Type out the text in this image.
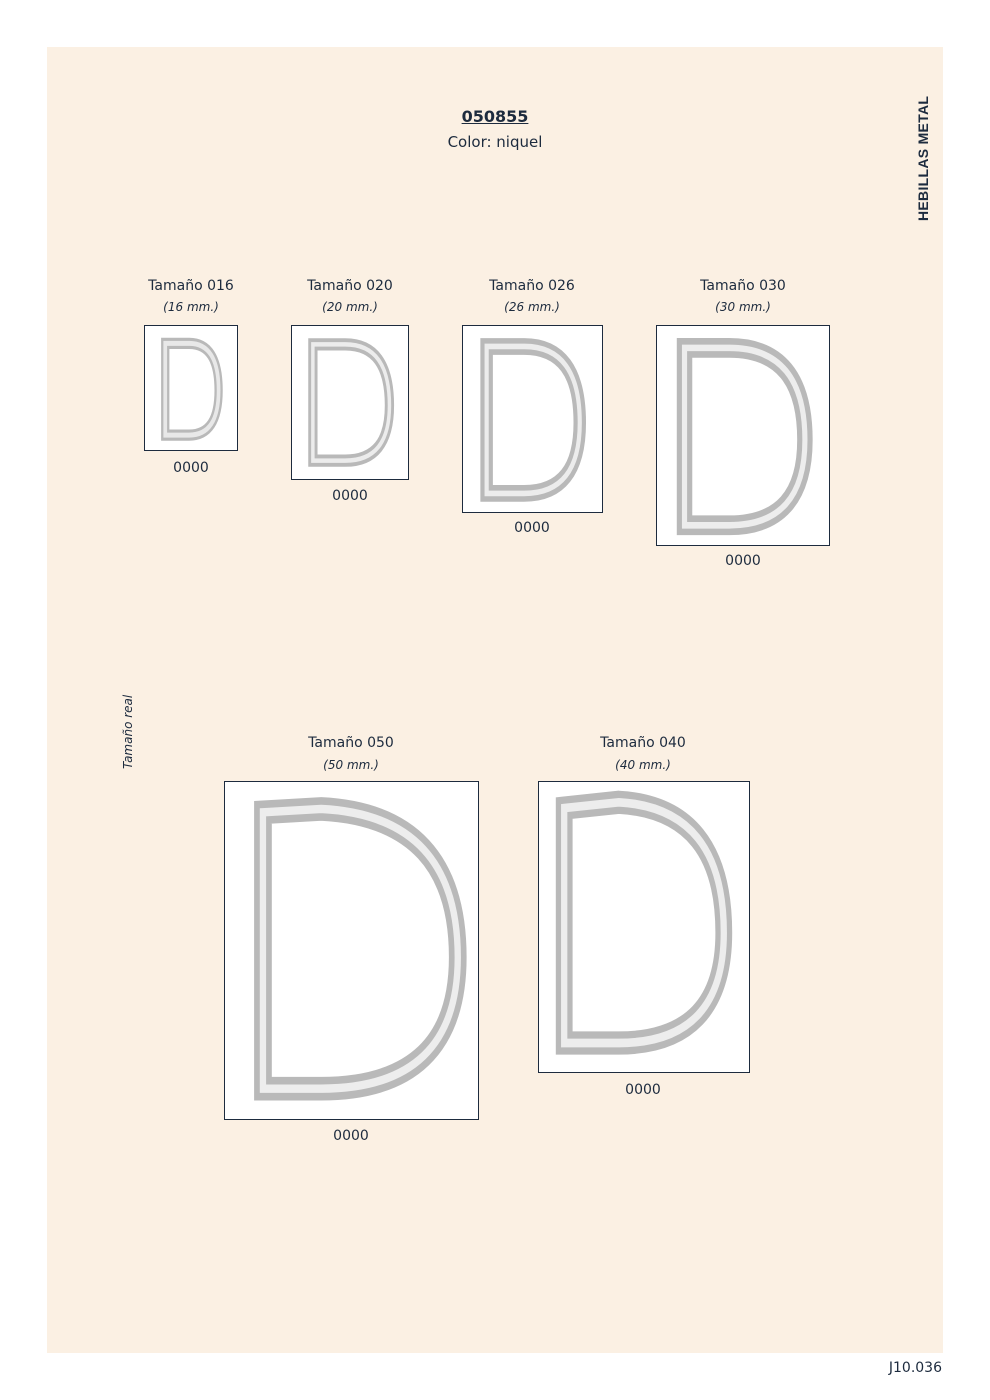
050855
Color: niquel	HEBILLAS METAL
Tamaño real
Tamaño 016
(16 mm.)
0000
Tamaño 020
(20 mm.)
0000
Tamaño 026
(26 mm.)
0000
Tamaño 030
(30 mm.)
0000
Tamaño 050
(50 mm.)
0000
Tamaño 040
(40 mm.)
0000
J10.036
